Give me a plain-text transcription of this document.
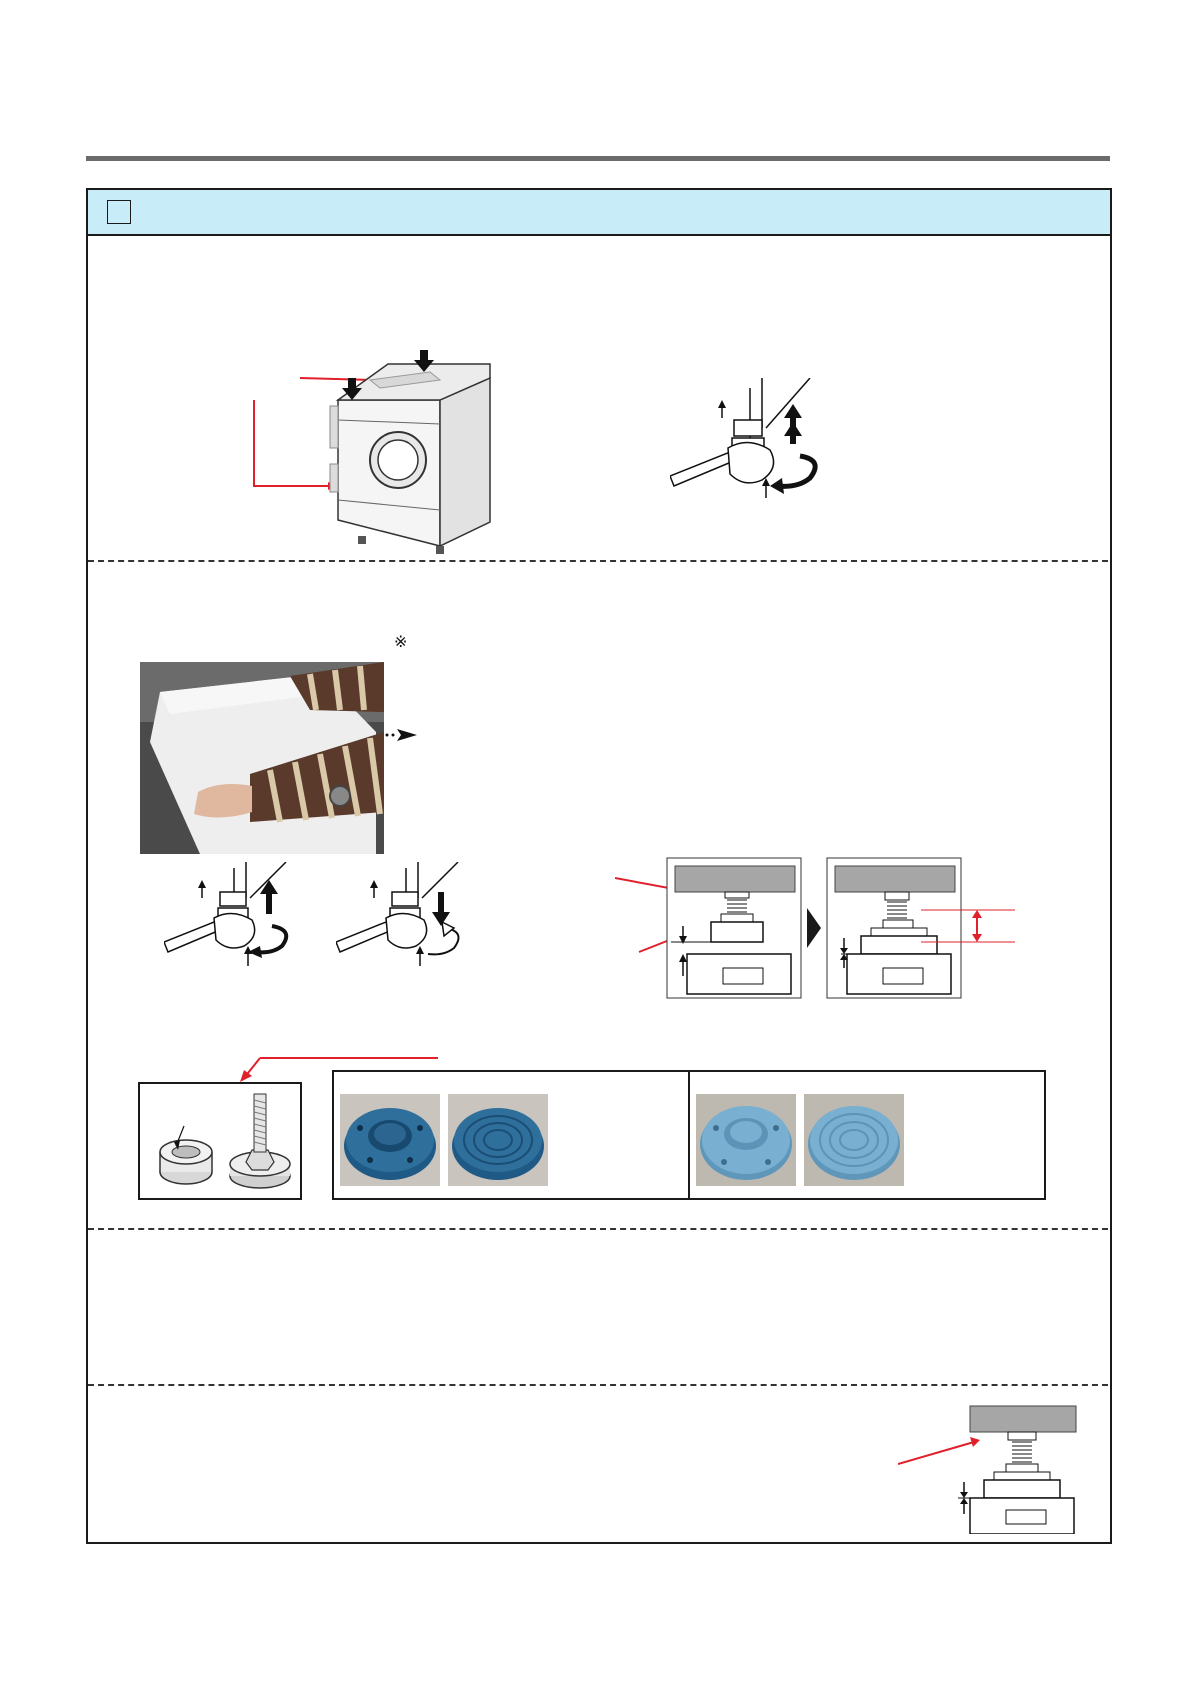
※
